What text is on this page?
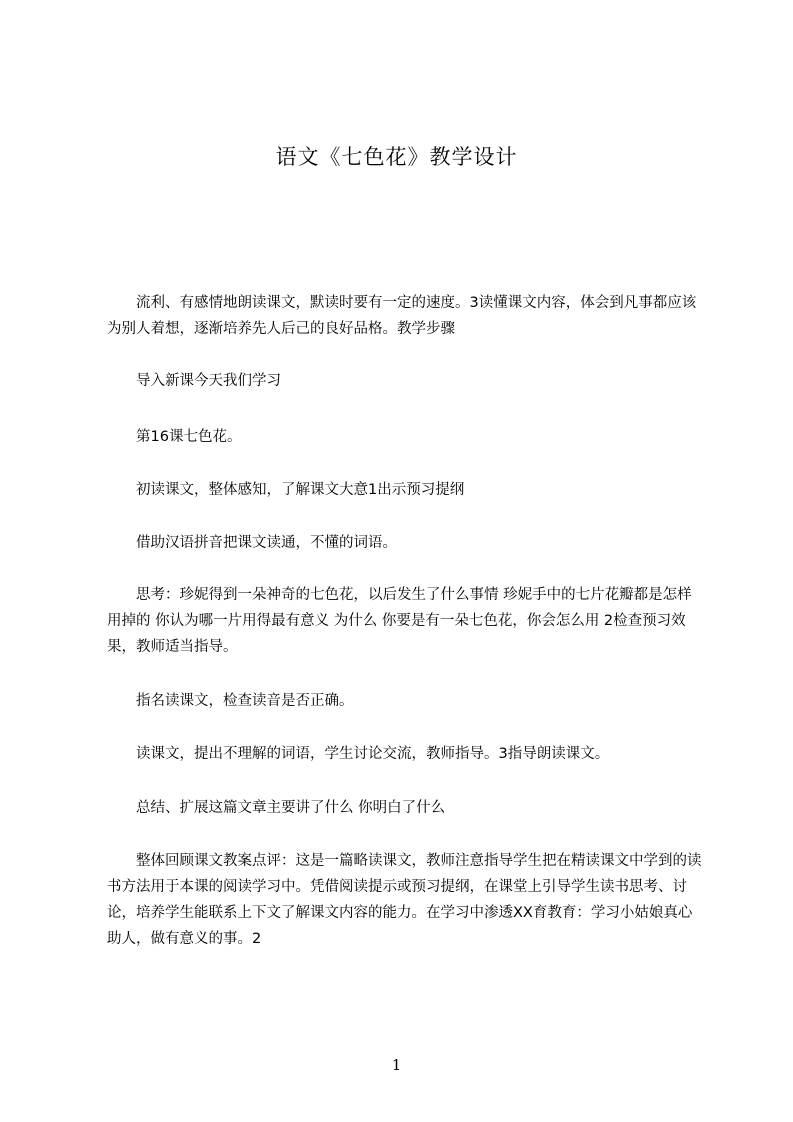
语文《七色花》教学设计

流利、有感情地朗读课文，默读时要有一定的速度。3读懂课文内容，体会到凡事都应该为别人着想，逐渐培养先人后己的良好品格。教学步骤

导入新课今天我们学习

第16课七色花。

初读课文，整体感知，了解课文大意1出示预习提纲

借助汉语拼音把课文读通，不懂的词语。

思考：珍妮得到一朵神奇的七色花，以后发生了什么事情 珍妮手中的七片花瓣都是怎样用掉的 你认为哪一片用得最有意义 为什么 你要是有一朵七色花，你会怎么用 2检查预习效果，教师适当指导。

指名读课文，检查读音是否正确。

读课文，提出不理解的词语，学生讨论交流，教师指导。3指导朗读课文。

总结、扩展这篇文章主要讲了什么 你明白了什么

整体回顾课文教案点评：这是一篇略读课文，教师注意指导学生把在精读课文中学到的读书方法用于本课的阅读学习中。凭借阅读提示或预习提纲，在课堂上引导学生读书思考、讨论，培养学生能联系上下文了解课文内容的能力。在学习中渗透XX育教育：学习小姑娘真心助人，做有意义的事。2

1
